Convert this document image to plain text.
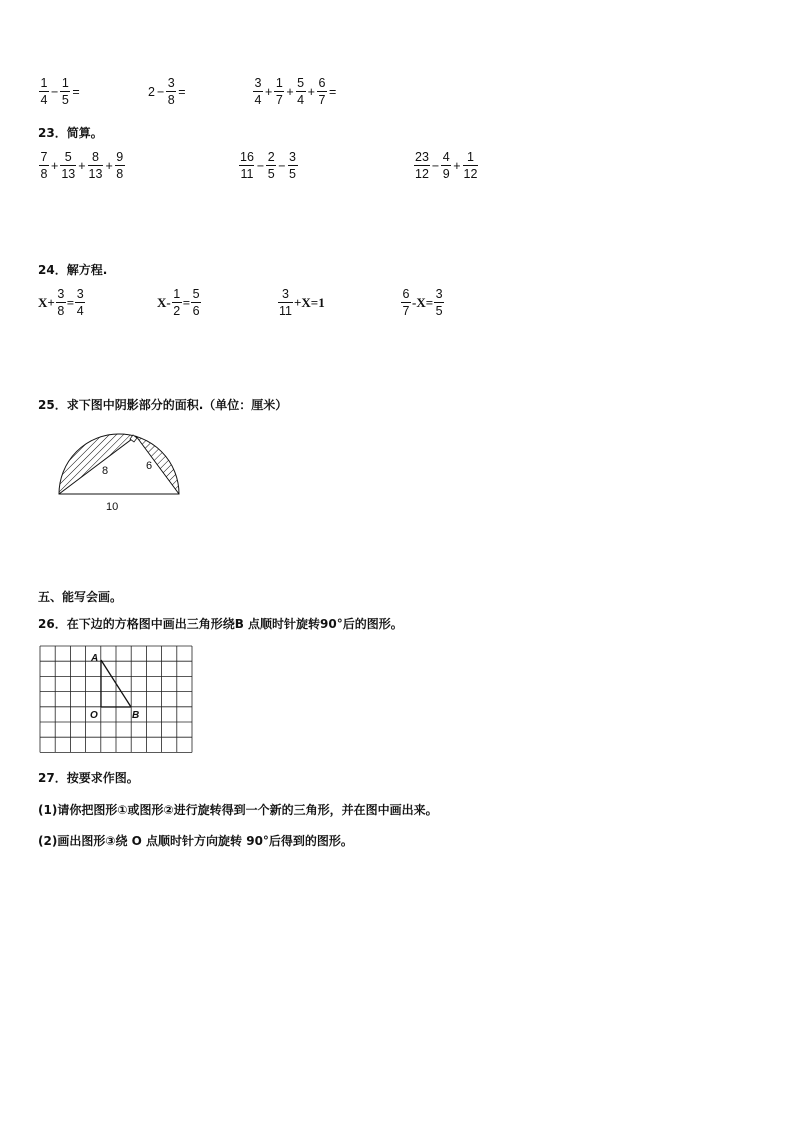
$\frac{1}{4} - \frac{1}{5}$ =	$2 - \frac{3}{8}$ =	$\frac{3}{4} + \frac{1}{7} + \frac{5}{4} + \frac{6}{7}$ =
23．简算。
$\frac{7}{8} + \frac{5}{13} + \frac{8}{13} + \frac{9}{8}$	$\frac{16}{11} - \frac{2}{5} - \frac{3}{5}$	$\frac{23}{12} - \frac{4}{9} + \frac{1}{12}$
24．解方程.
$X+ \frac{3}{8} = \frac{3}{4}$	$X- \frac{1}{2} = \frac{5}{6}$	$\frac{3}{11} +X=1$	$\frac{6}{7} -X= \frac{3}{5}$
25．求下图中阴影部分的面积.（单位：厘米）
8	6
10
五、能写会画。
26．在下边的方格图中画出三角形绕B 点顺时针旋转90°后的图形。
A
O	B
27．按要求作图。
(1)请你把图形①或图形②进行旋转得到一个新的三角形，并在图中画出来。
(2)画出图形③绕 O 点顺时针方向旋转 90°后得到的图形。
